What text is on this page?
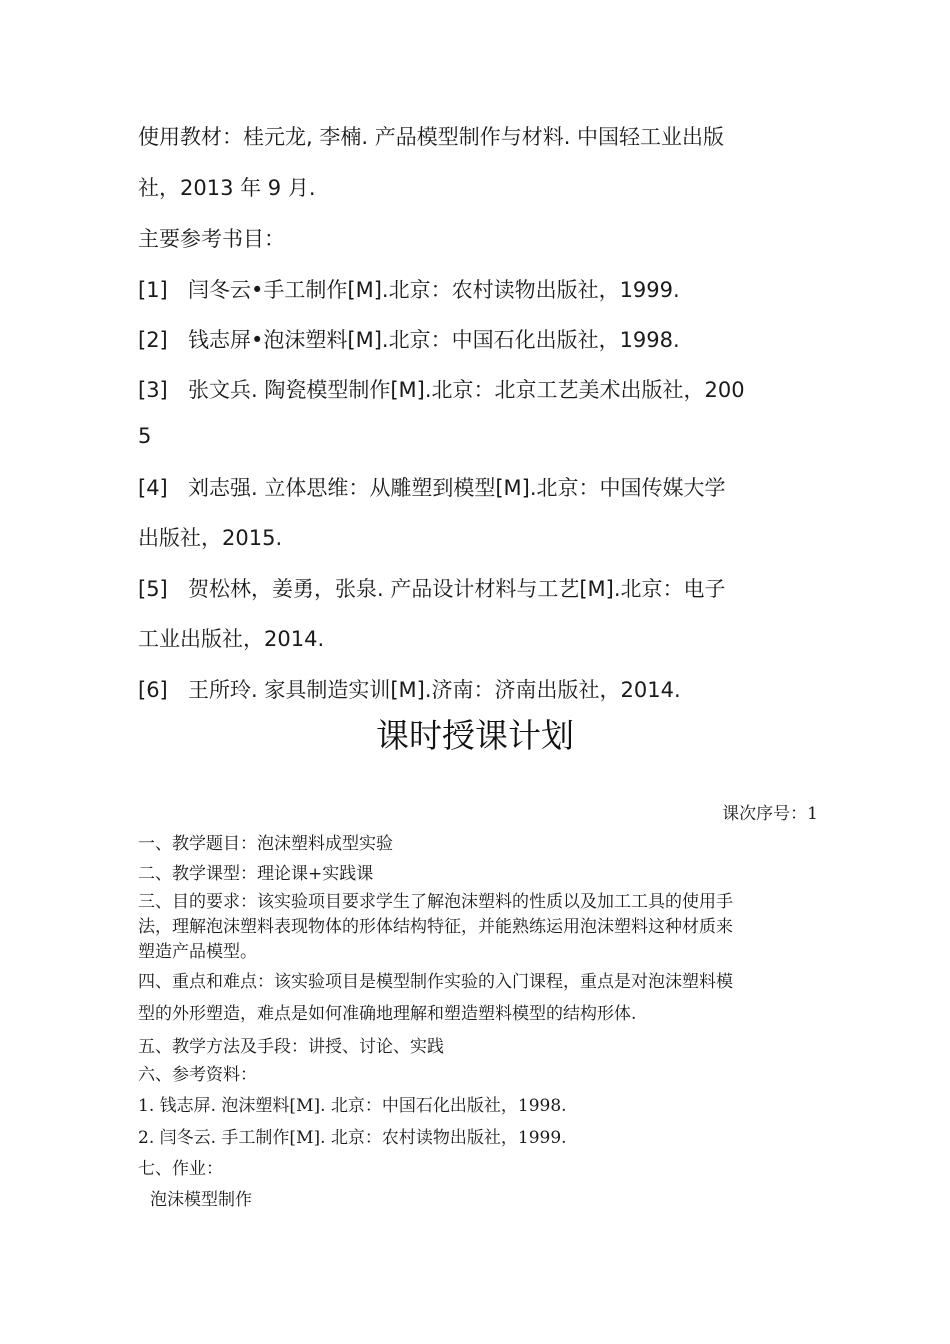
使用教材：桂元龙, 李楠. 产品模型制作与材料. 中国轻工业出版
社，2013 年 9 月.
主要参考书目：
[1] 闫冬云•手工制作[M].北京：农村读物出版社，1999.
[2] 钱志屏•泡沫塑料[M].北京：中国石化出版社，1998.
[3] 张文兵. 陶瓷模型制作[M].北京：北京工艺美术出版社，200
5
[4] 刘志强. 立体思维：从雕塑到模型[M].北京：中国传媒大学
出版社，2015.
[5] 贺松林，姜勇，张泉. 产品设计材料与工艺[M].北京：电子
工业出版社，2014.
[6] 王所玲. 家具制造实训[M].济南：济南出版社，2014.
课时授课计划
课次序号：1
一、教学题目：泡沫塑料成型实验
二、教学课型：理论课+实践课
三、目的要求：该实验项目要求学生了解泡沫塑料的性质以及加工工具的使用手
法，理解泡沫塑料表现物体的形体结构特征，并能熟练运用泡沫塑料这种材质来
塑造产品模型。
四、重点和难点：该实验项目是模型制作实验的入门课程，重点是对泡沫塑料模
型的外形塑造，难点是如何准确地理解和塑造塑料模型的结构形体.
五、教学方法及手段：讲授、讨论、实践
六、参考资料：
1. 钱志屏. 泡沫塑料[M]. 北京：中国石化出版社，1998.
2. 闫冬云. 手工制作[M]. 北京：农村读物出版社，1999.
七、作业：
泡沫模型制作
